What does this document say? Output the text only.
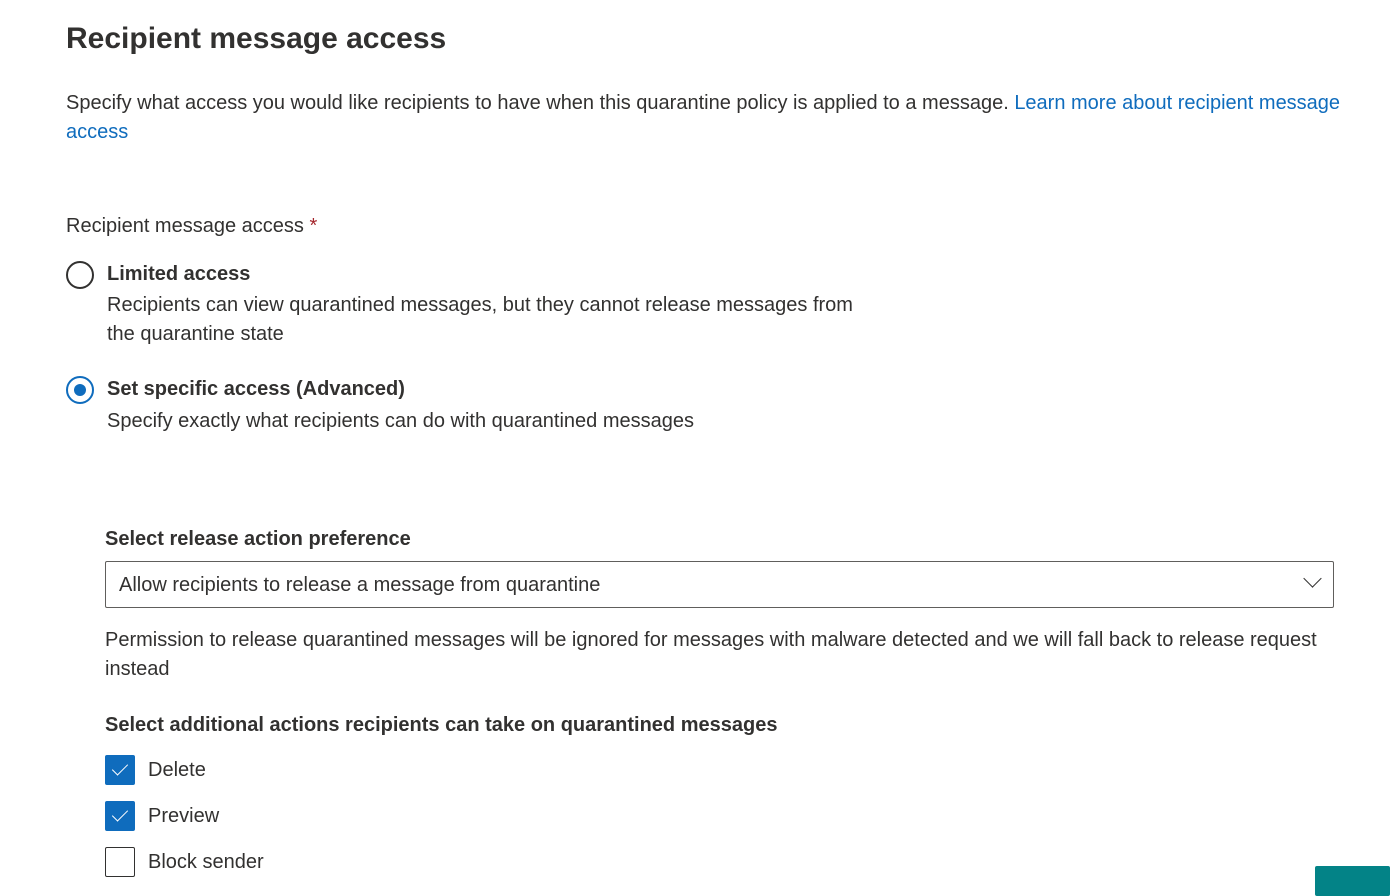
Recipient message access
Specify what access you would like recipients to have when this quarantine policy is applied to a message. Learn more about recipient message access
Recipient message access *
Limited access
Recipients can view quarantined messages, but they cannot release messages from the quarantine state
Set specific access (Advanced)
Specify exactly what recipients can do with quarantined messages
Select release action preference
Allow recipients to release a message from quarantine
Permission to release quarantined messages will be ignored for messages with malware detected and we will fall back to release request instead
Select additional actions recipients can take on quarantined messages
Delete
Preview
Block sender
